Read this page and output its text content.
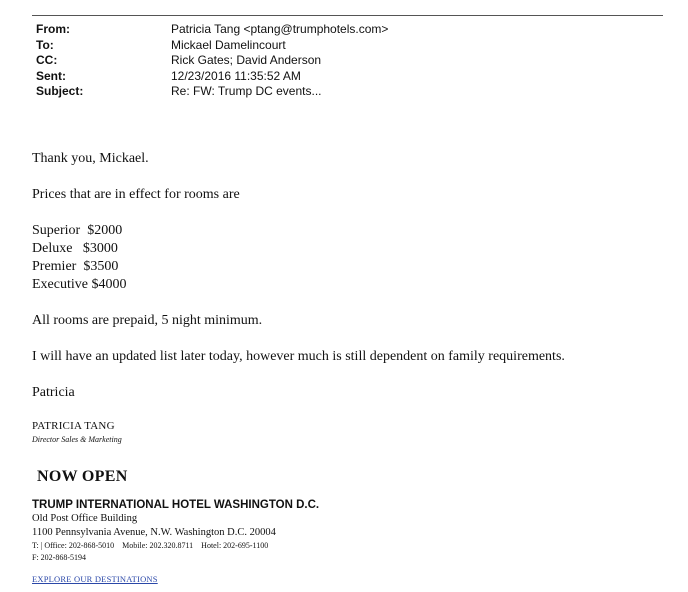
From:	Patricia Tang <ptang@trumphotels.com>
To:	Mickael Damelincourt
CC:	Rick Gates; David Anderson
Sent:	12/23/2016 11:35:52 AM
Subject:	Re: FW: Trump DC events...

Thank you, Mickael.

Prices that are in effect for rooms are

Superior  $2000

Deluxe   $3000

Premier  $3500

Executive $4000

All rooms are prepaid, 5 night minimum.

I will have an updated list later today, however much is still dependent on family requirements.

Patricia

PATRICIA TANG
Director Sales & Marketing
NOW OPEN
TRUMP INTERNATIONAL HOTEL WASHINGTON D.C.
Old Post Office Building
1100 Pennsylvania Avenue, N.W. Washington D.C. 20004
T: | Office: 202-868-5010    Mobile: 202.320.8711    Hotel: 202-695-1100
F: 202-868-5194
EXPLORE OUR DESTINATIONS
